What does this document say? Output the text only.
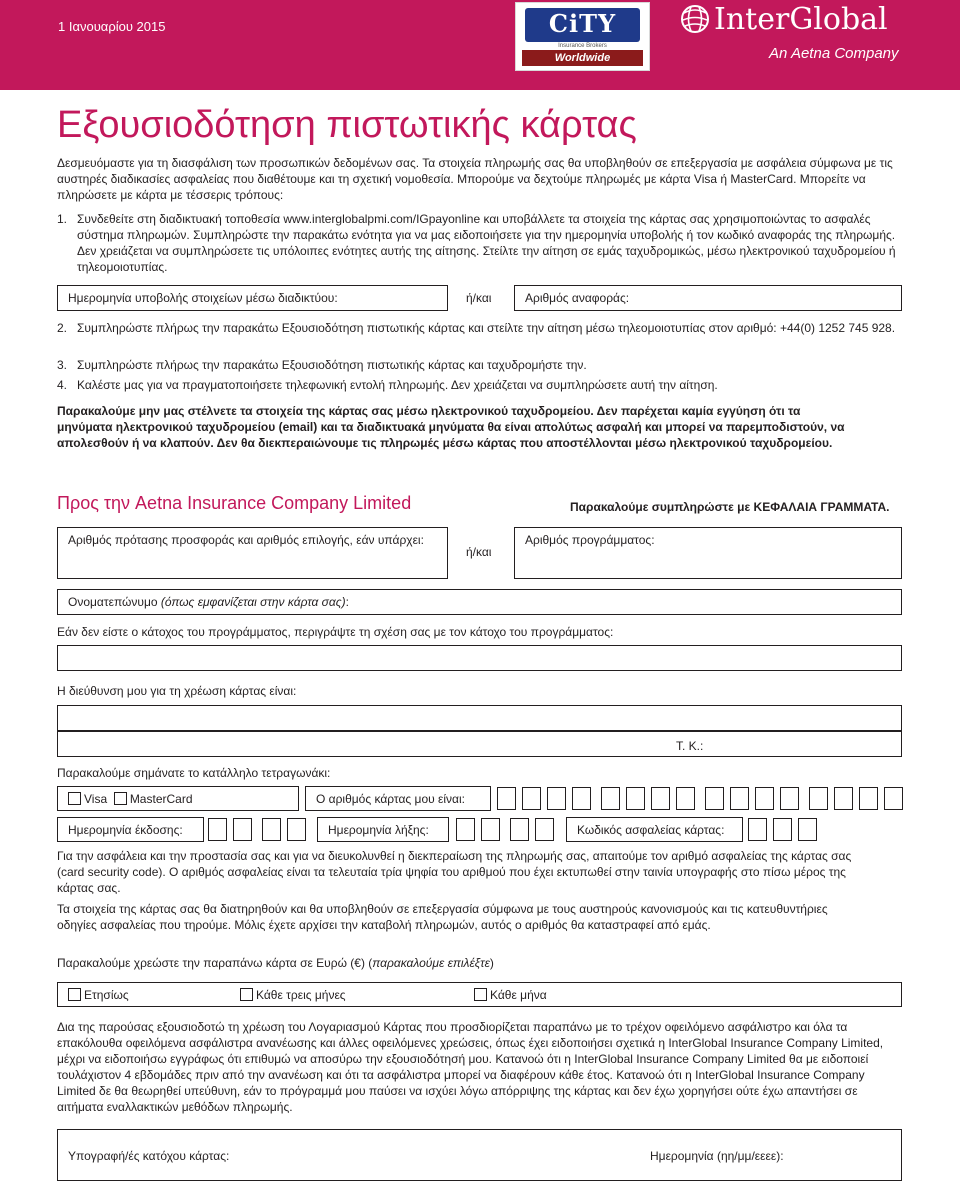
1 Ιανουαρίου 2015	CiTY
Insurance Brokers
Worldwide
InterGlobal
An Aetna Company
Εξουσιοδότηση πιστωτικής κάρτας

Δεσμευόμαστε για τη διασφάλιση των προσωπικών δεδομένων σας. Τα στοιχεία πληρωμής σας θα υποβληθούν σε επεξεργασία με ασφάλεια σύμφωνα με τις αυστηρές διαδικασίες ασφαλείας που διαθέτουμε και τη σχετική νομοθεσία. Μπορούμε να δεχτούμε πληρωμές με κάρτα Visa ή MasterCard. Μπορείτε να πληρώσετε με κάρτα με τέσσερις τρόπους:

1. Συνδεθείτε στη διαδικτυακή τοποθεσία www.interglobalpmi.com/IGpayonline και υποβάλλετε τα στοιχεία της κάρτας σας χρησιμοποιώντας το ασφαλές σύστημα πληρωμών. Συμπληρώστε την παρακάτω ενότητα για να μας ειδοποιήσετε για την ημερομηνία υποβολής ή τον κωδικό αναφοράς της πληρωμής. Δεν χρειάζεται να συμπληρώσετε τις υπόλοιπες ενότητες αυτής της αίτησης. Στείλτε την αίτηση σε εμάς ταχυδρομικώς, μέσω ηλεκτρονικού ταχυδρομείου ή τηλεομοιοτυπίας.
Ημερομηνία υποβολής στοιχείων μέσω διαδικτύου:	ή/και	Αριθμός αναφοράς:
2. Συμπληρώστε πλήρως την παρακάτω Εξουσιοδότηση πιστωτικής κάρτας και στείλτε την αίτηση μέσω τηλεομοιοτυπίας στον αριθμό: +44(0) 1252 745 928.
3. Συμπληρώστε πλήρως την παρακάτω Εξουσιοδότηση πιστωτικής κάρτας και ταχυδρομήστε την.
4. Καλέστε μας για να πραγματοποιήσετε τηλεφωνική εντολή πληρωμής. Δεν χρειάζεται να συμπληρώσετε αυτή την αίτηση.

Παρακαλούμε μην μας στέλνετε τα στοιχεία της κάρτας σας μέσω ηλεκτρονικού ταχυδρομείου. Δεν παρέχεται καμία εγγύηση ότι τα μηνύματα ηλεκτρονικού ταχυδρομείου (email) και τα διαδικτυακά μηνύματα θα είναι απολύτως ασφαλή και μπορεί να παρεμποδιστούν, να απολεσθούν ή να κλαπούν. Δεν θα διεκπεραιώνουμε τις πληρωμές μέσω κάρτας που αποστέλλονται μέσω ηλεκτρονικού ταχυδρομείου.

Προς την Aetna Insurance Company Limited	Παρακαλούμε συμπληρώστε με ΚΕΦΑΛΑΙΑ ΓΡΑΜΜΑΤΑ.
Αριθμός πρότασης προσφοράς και αριθμός επιλογής, εάν υπάρχει:
ή/και
Αριθμός προγράμματος:
Ονοματεπώνυμο (όπως εμφανίζεται στην κάρτα σας):
Εάν δεν είστε ο κάτοχος του προγράμματος, περιγράψτε τη σχέση σας με τον κάτοχο του προγράμματος:
Η διεύθυνση μου για τη χρέωση κάρτας είναι:
Τ. Κ.:
Παρακαλούμε σημάνατε το κατάλληλο τετραγωνάκι:
Visa MasterCard	Ο αριθμός κάρτας μου είναι:
Ημερομηνία έκδοσης:	Ημερομηνία λήξης:	Κωδικός ασφαλείας κάρτας:

Για την ασφάλεια και την προστασία σας και για να διευκολυνθεί η διεκπεραίωση της πληρωμής σας, απαιτούμε τον αριθμό ασφαλείας της κάρτας σας (card security code). Ο αριθμός ασφαλείας είναι τα τελευταία τρία ψηφία του αριθμού που έχει εκτυπωθεί στην ταινία υπογραφής στο πίσω μέρος της κάρτας σας.

Τα στοιχεία της κάρτας σας θα διατηρηθούν και θα υποβληθούν σε επεξεργασία σύμφωνα με τους αυστηρούς κανονισμούς και τις κατευθυντήριες οδηγίες ασφαλείας που τηρούμε. Μόλις έχετε αρχίσει την καταβολή πληρωμών, αυτός ο αριθμός θα καταστραφεί από εμάς.

Παρακαλούμε χρεώστε την παραπάνω κάρτα σε Ευρώ (€) (παρακαλούμε επιλέξτε)
Ετησίως	Κάθε τρεις μήνες	Κάθε μήνα

Δια της παρούσας εξουσιοδοτώ τη χρέωση του Λογαριασμού Κάρτας που προσδιορίζεται παραπάνω με το τρέχον οφειλόμενο ασφάλιστρο και όλα τα επακόλουθα οφειλόμενα ασφάλιστρα ανανέωσης και άλλες οφειλόμενες χρεώσεις, όπως έχει ειδοποιήσει σχετικά η InterGlobal Insurance Company Limited, μέχρι να ειδοποιήσω εγγράφως ότι επιθυμώ να αποσύρω την εξουσιοδότησή μου. Κατανοώ ότι η InterGlobal Insurance Company Limited θα με ειδοποιεί τουλάχιστον 4 εβδομάδες πριν από την ανανέωση και ότι τα ασφάλιστρα μπορεί να διαφέρουν κάθε έτος. Κατανοώ ότι η InterGlobal Insurance Company Limited δε θα θεωρηθεί υπεύθυνη, εάν το πρόγραμμά μου παύσει να ισχύει λόγω απόρριψης της κάρτας και δεν έχω χορηγήσει ούτε έχω απαντήσει σε αιτήματα εναλλακτικών μεθόδων πληρωμής.

Υπογραφή/ές κατόχου κάρτας:	Ημερομηνία (ηη/μμ/εεεε):
